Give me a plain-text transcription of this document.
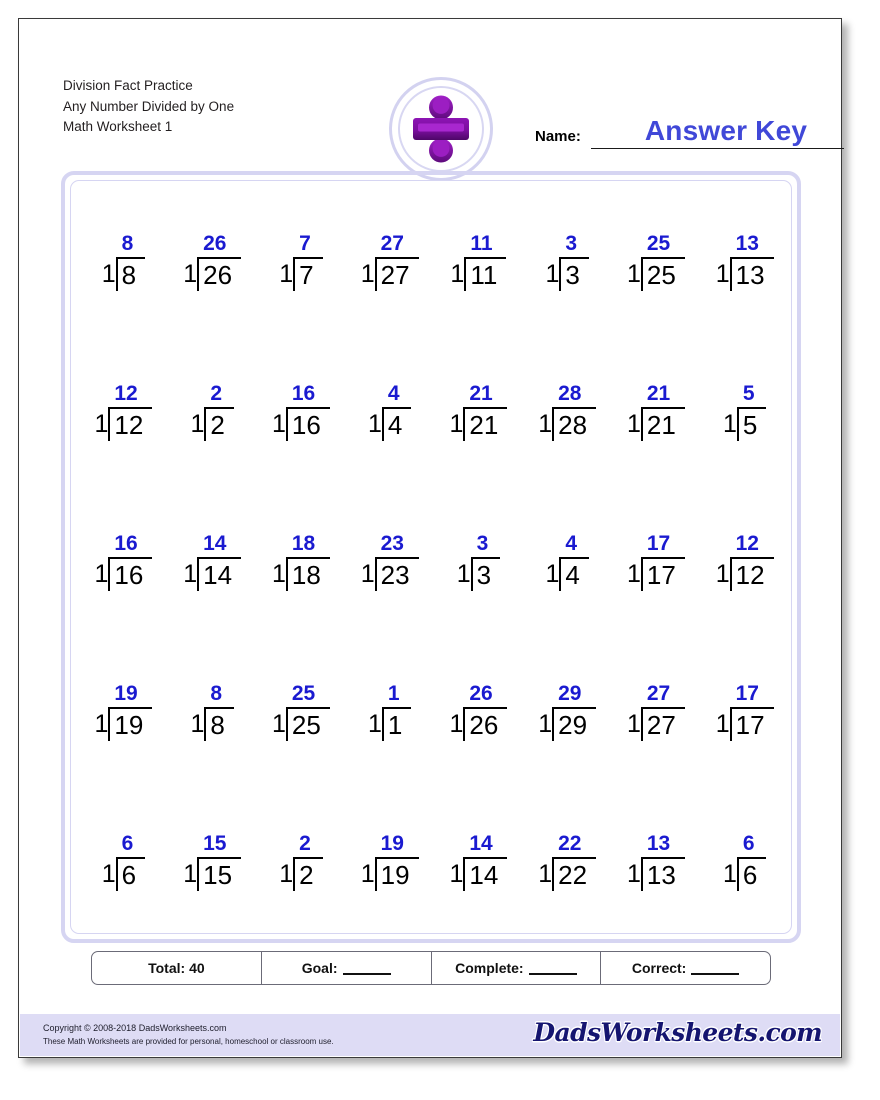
Division Fact Practice
Any Number Divided by One
Math Worksheet 1
Name:	Answer Key
1
8
8	1
26
26	1
7
7	1
27
27	1
11
11	1
3
3	1
25
25	1
13
13
1
12
12	1
2
2	1
16
16	1
4
4	1
21
21	1
28
28	1
21
21	1
5
5
1
16
16	1
14
14	1
18
18	1
23
23	1
3
3	1
4
4	1
17
17	1
12
12
1
19
19	1
8
8	1
25
25	1
1
1	1
26
26	1
29
29	1
27
27	1
17
17
1
6
6	1
15
15	1
2
2	1
19
19	1
14
14	1
22
22	1
13
13	1
6
6
Total: 40	Goal:	Complete:	Correct:
Copyright © 2008-2018 DadsWorksheets.com
These Math Worksheets are provided for personal, homeschool or classroom use.	DadsWorksheets.com
